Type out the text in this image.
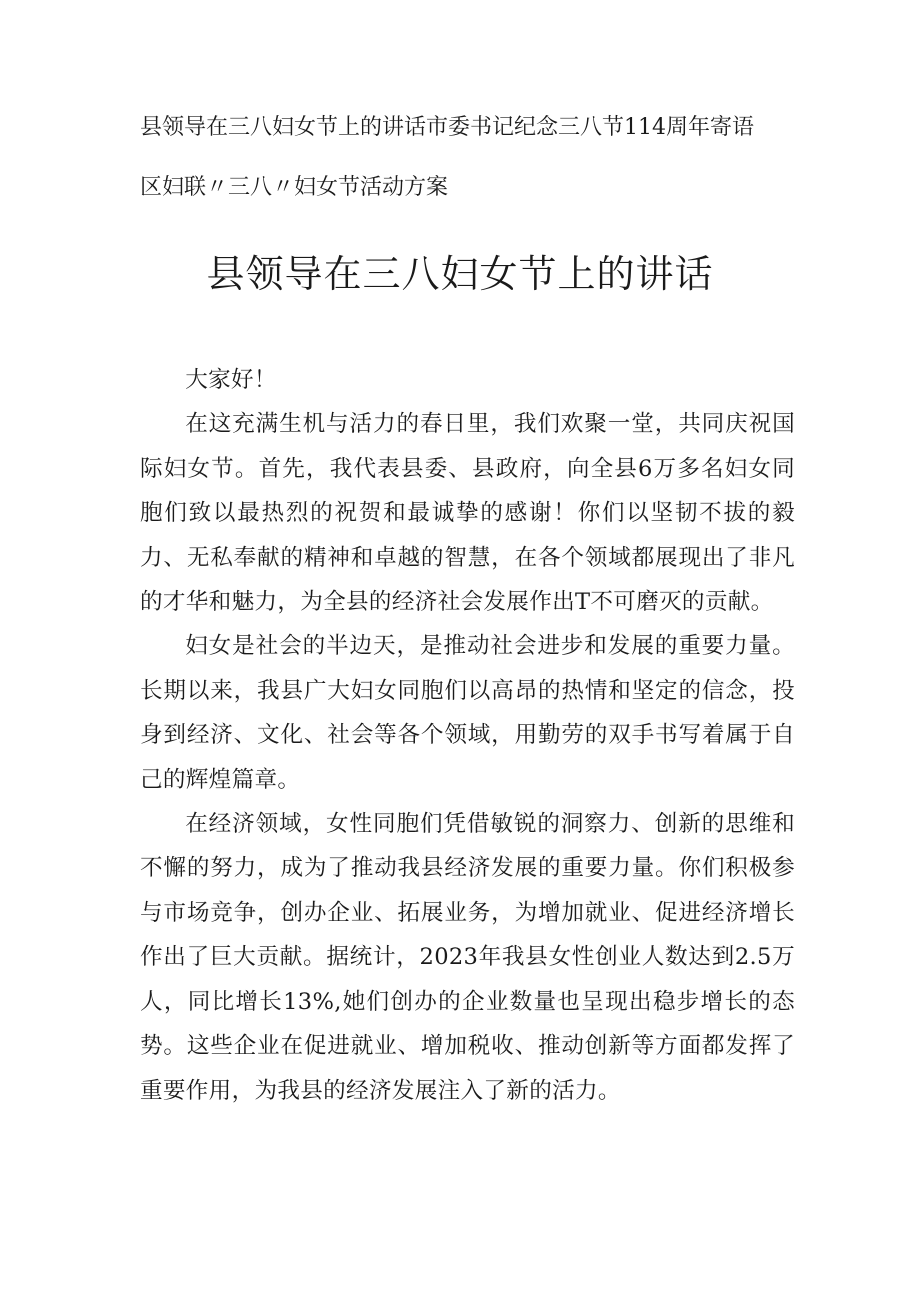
县领导在三八妇女节上的讲话市委书记纪念三八节114周年寄语
区妇联〃三八〃妇女节活动方案
县领导在三八妇女节上的讲话

大家好！

在这充满生机与活力的春日里，我们欢聚一堂，共同庆祝国际妇女节。首先，我代表县委、县政府，向全县6万多名妇女同胞们致以最热烈的祝贺和最诚挚的感谢！你们以坚韧不拔的毅力、无私奉献的精神和卓越的智慧，在各个领域都展现出了非凡的才华和魅力，为全县的经济社会发展作出T不可磨灭的贡献。

妇女是社会的半边天，是推动社会进步和发展的重要力量。长期以来，我县广大妇女同胞们以高昂的热情和坚定的信念，投身到经济、文化、社会等各个领域，用勤劳的双手书写着属于自己的辉煌篇章。

在经济领域，女性同胞们凭借敏锐的洞察力、创新的思维和不懈的努力，成为了推动我县经济发展的重要力量。你们积极参与市场竞争，创办企业、拓展业务，为增加就业、促进经济增长作出了巨大贡献。据统计，2023年我县女性创业人数达到2.5万人，同比增长13%,她们创办的企业数量也呈现出稳步增长的态势。这些企业在促进就业、增加税收、推动创新等方面都发挥了重要作用，为我县的经济发展注入了新的活力。
